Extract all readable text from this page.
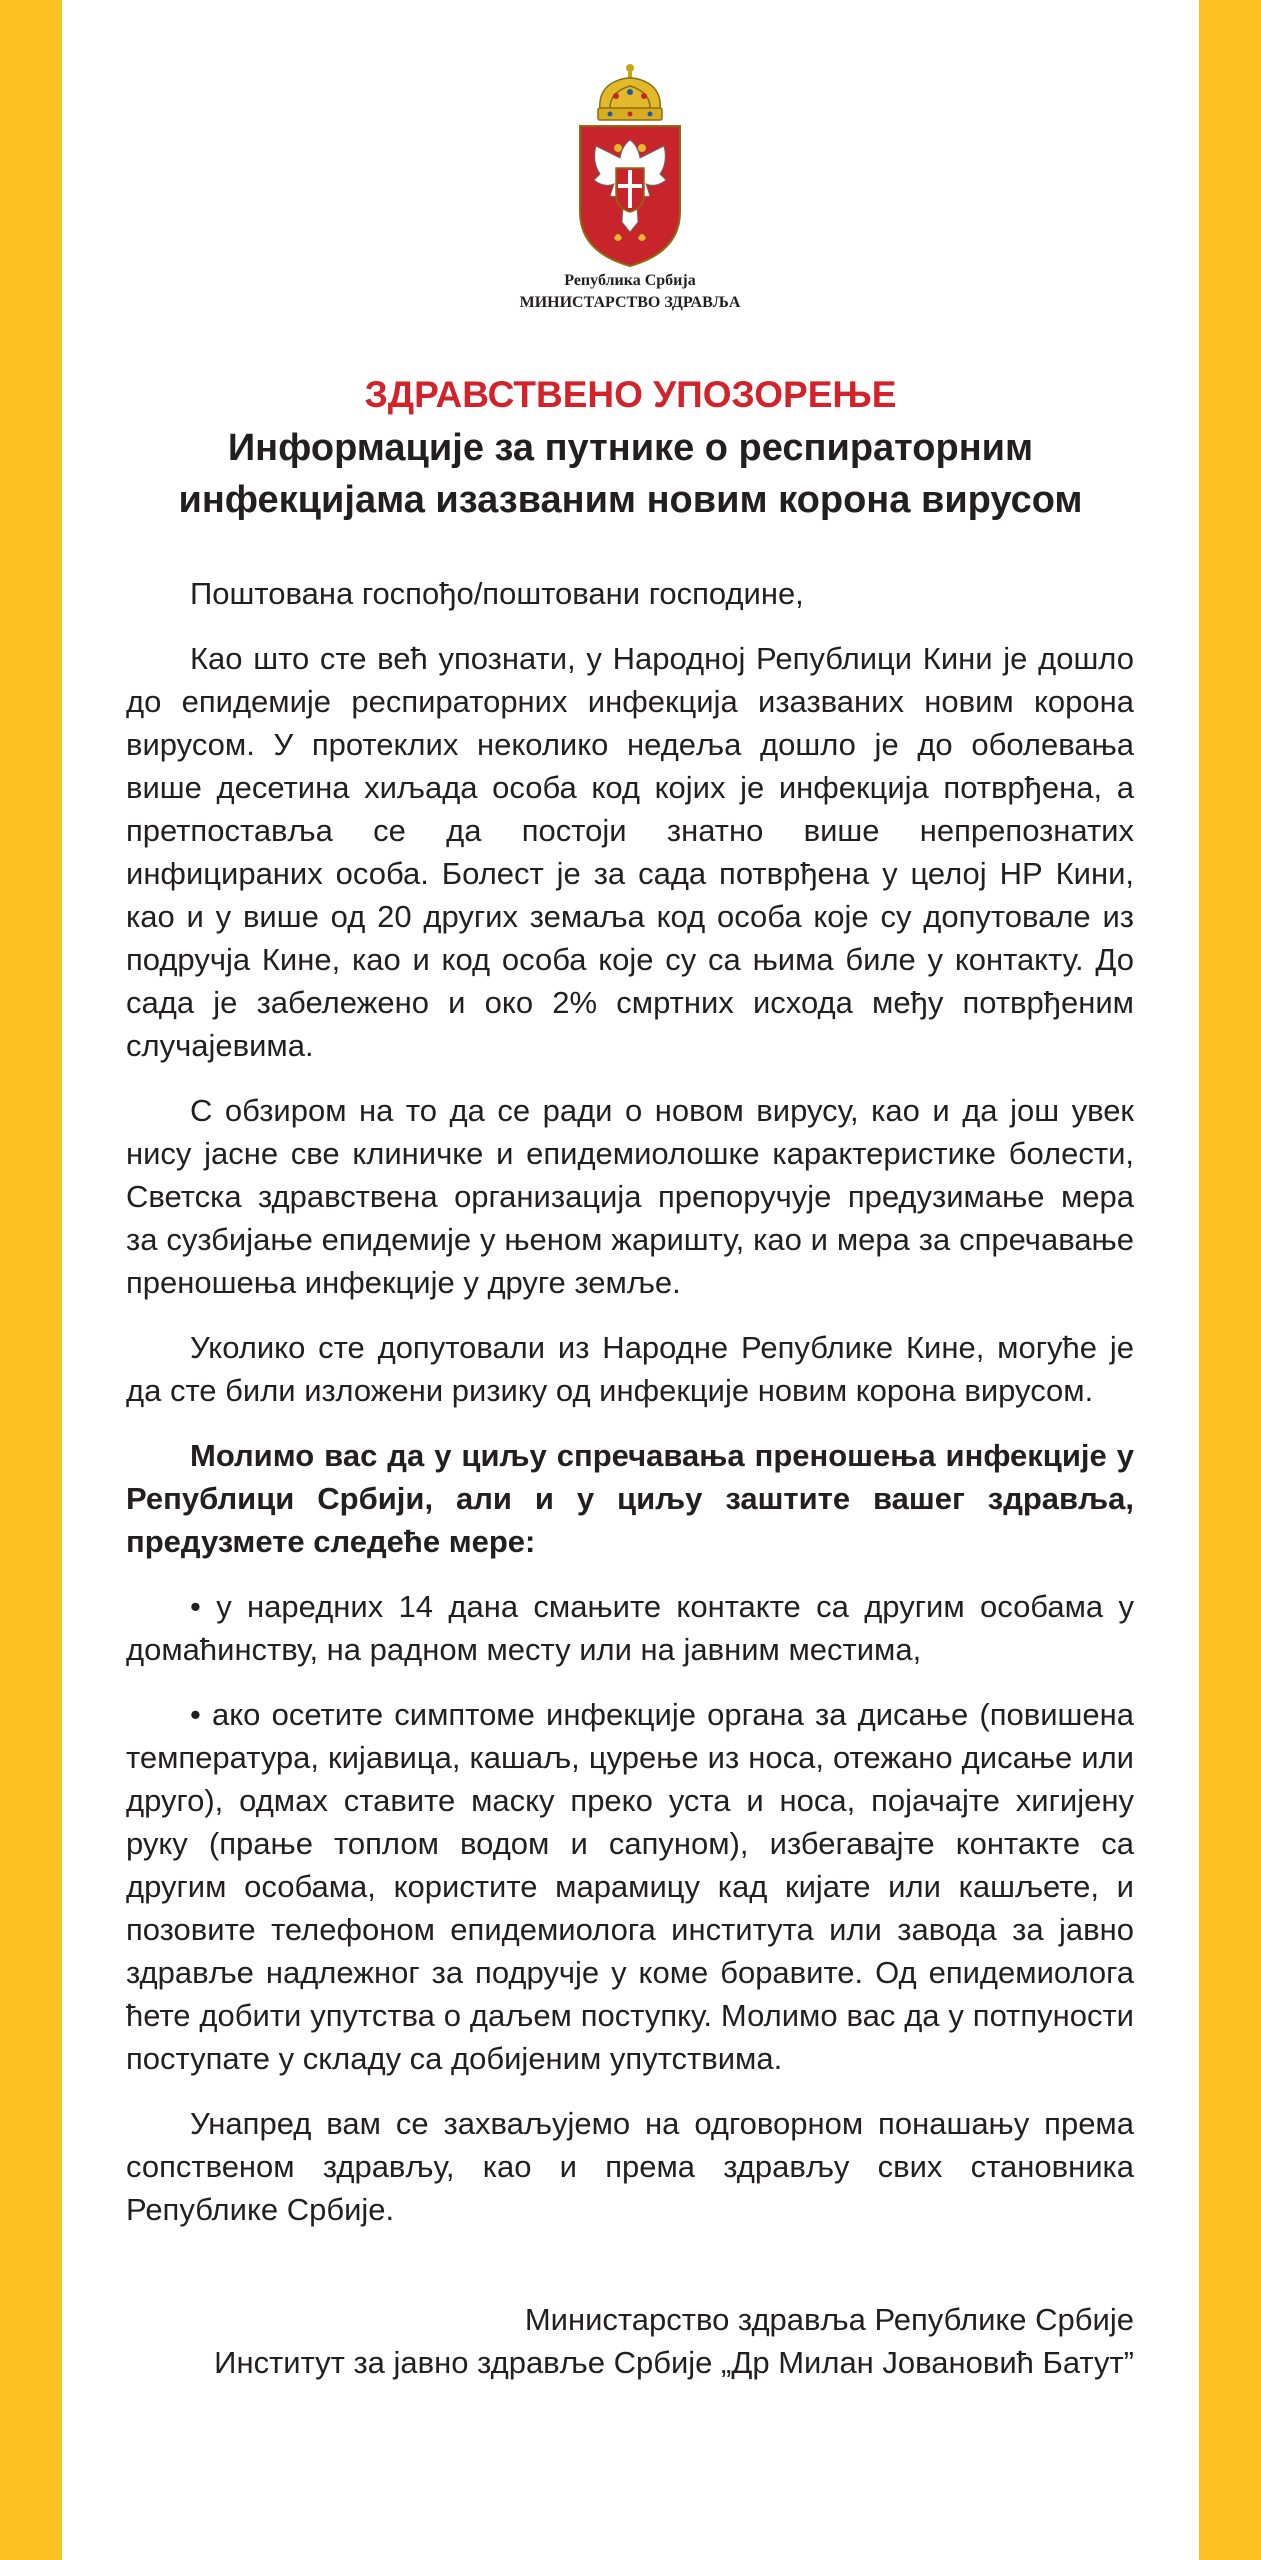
Република Србија
МИНИСТАРСТВО ЗДРАВЉА
ЗДРАВСТВЕНО УПОЗОРЕЊЕ
Информације за путнике о респираторним
инфекцијама изазваним новим корона вирусом

Поштована госпођо/поштовани господине,

Као што сте већ упознати, у Народној Републици Кини је дошло до епидемије респираторних инфекција изазваних новим корона вирусом. У протеклих неколико недеља дошло је до оболевања више десетина хиљада особа код којих је инфекција потврђена, а претпоставља се да постоји знатно више непрепознатих инфицираних особа. Болест је за сада потврђена у целој НР Кини, као и у више од 20 других земаља код особа које су допутовале из подручја Кине, као и код особа које су са њима биле у контакту. До сада је забележено и око 2% смртних исхода међу потврђеним случајевима.

С обзиром на то да се ради о новом вирусу, као и да још увек нису јасне све клиничке и епидемиолошке карактеристике болести, Светска здравствена организација препоручује предузимање мера за сузбијање епидемије у њеном жаришту, као и мера за спречавање преношења инфекције у друге земље.

Уколико сте допутовали из Народне Републике Кине, могуће је да сте били изложени ризику од инфекције новим корона вирусом.

Молимо вас да у циљу спречавања преношења инфекције у Републици Србији, али и у циљу заштите вашег здравља, предузмете следеће мере:

• у наредних 14 дана смањите контакте са другим особама у домаћинству, на радном месту или на јавним местима,

• ако осетите симптоме инфекције органа за дисање (повишена температура, кијавица, кашаљ, цурење из носа, отежано дисање или друго), одмах ставите маску преко уста и носа, појачајте хигијену руку (прање топлом водом и сапуном), избегавајте контакте са другим особама, користите марамицу кад кијате или кашљете, и позовите телефоном епидемиолога института или завода за јавно здравље надлежног за подручје у коме боравите. Од епидемиолога ћете добити упутства о даљем поступку. Молимо вас да у потпуности поступате у складу са добијеним упутствима.

Унапред вам се захваљујемо на одговорном понашању према сопственом здрављу, као и према здрављу свих становника Републике Србије.

Министарство здравља Републике Србије
Институт за јавно здравље Србије „Др Милан Јовановић Батут”
